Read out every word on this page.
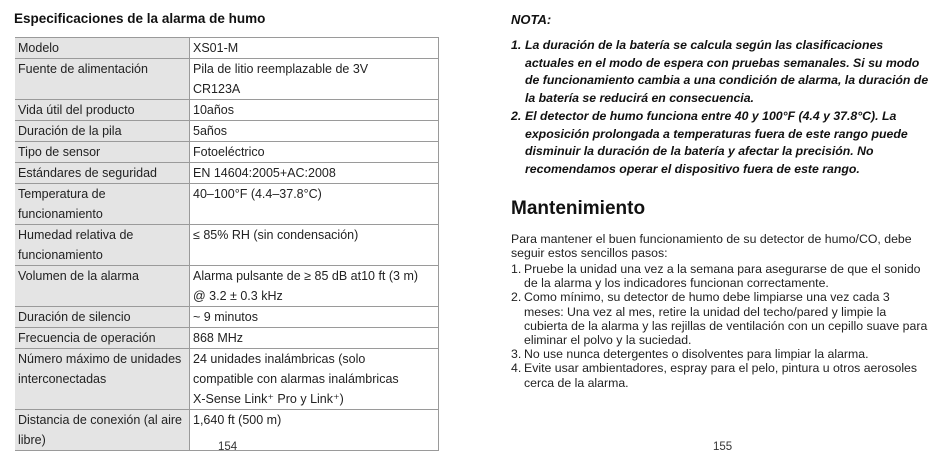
Especificaciones de la alarma de humo
Modelo	XS01-M

Fuente de alimentación	Pila de litio reemplazable de 3V
CR123A

Vida útil del producto	10años

Duración de la pila	5años

Tipo de sensor	Fotoeléctrico

Estándares de seguridad	EN 14604:2005+AC:2008

Temperatura de funcionamiento	40–100°F (4.4–37.8°C)

Humedad relativa de funcionamiento	≤ 85% RH (sin condensación)

Volumen de la alarma	Alarma pulsante de ≥ 85 dB at10 ft (3 m)
@ 3.2 ± 0.3 kHz

Duración de silencio	~ 9 minutos

Frecuencia de operación	868 MHz

Número máximo de unidades interconectadas	24 unidades inalámbricas (solo
compatible con alarmas inalámbricas
X-Sense Link⁺ Pro y Link⁺)

Distancia de conexión (al aire libre)	1,640 ft (500 m)
154
NOTA:
1. La duración de la batería se calcula según las clasificaciones actuales en el modo de espera con pruebas semanales. Si su modo de funcionamiento cambia a una condición de alarma, la duración de la batería se reducirá en consecuencia.
2. El detector de humo funciona entre 40 y 100°F (4.4 y 37.8°C). La exposición prolongada a temperaturas fuera de este rango puede disminuir la duración de la batería y afectar la precisión. No recomendamos operar el dispositivo fuera de este rango.
Mantenimiento

Para mantener el buen funcionamiento de su detector de humo/CO, debe seguir estos sencillos pasos:

1. Pruebe la unidad una vez a la semana para asegurarse de que el sonido de la alarma y los indicadores funcionan correctamente.
2. Como mínimo, su detector de humo debe limpiarse una vez cada 3 meses: Una vez al mes, retire la unidad del techo/pared y limpie la cubierta de la alarma y las rejillas de ventilación con un cepillo suave para eliminar el polvo y la suciedad.
3. No use nunca detergentes o disolventes para limpiar la alarma.
4. Evite usar ambientadores, espray para el pelo, pintura u otros aerosoles cerca de la alarma.
155
